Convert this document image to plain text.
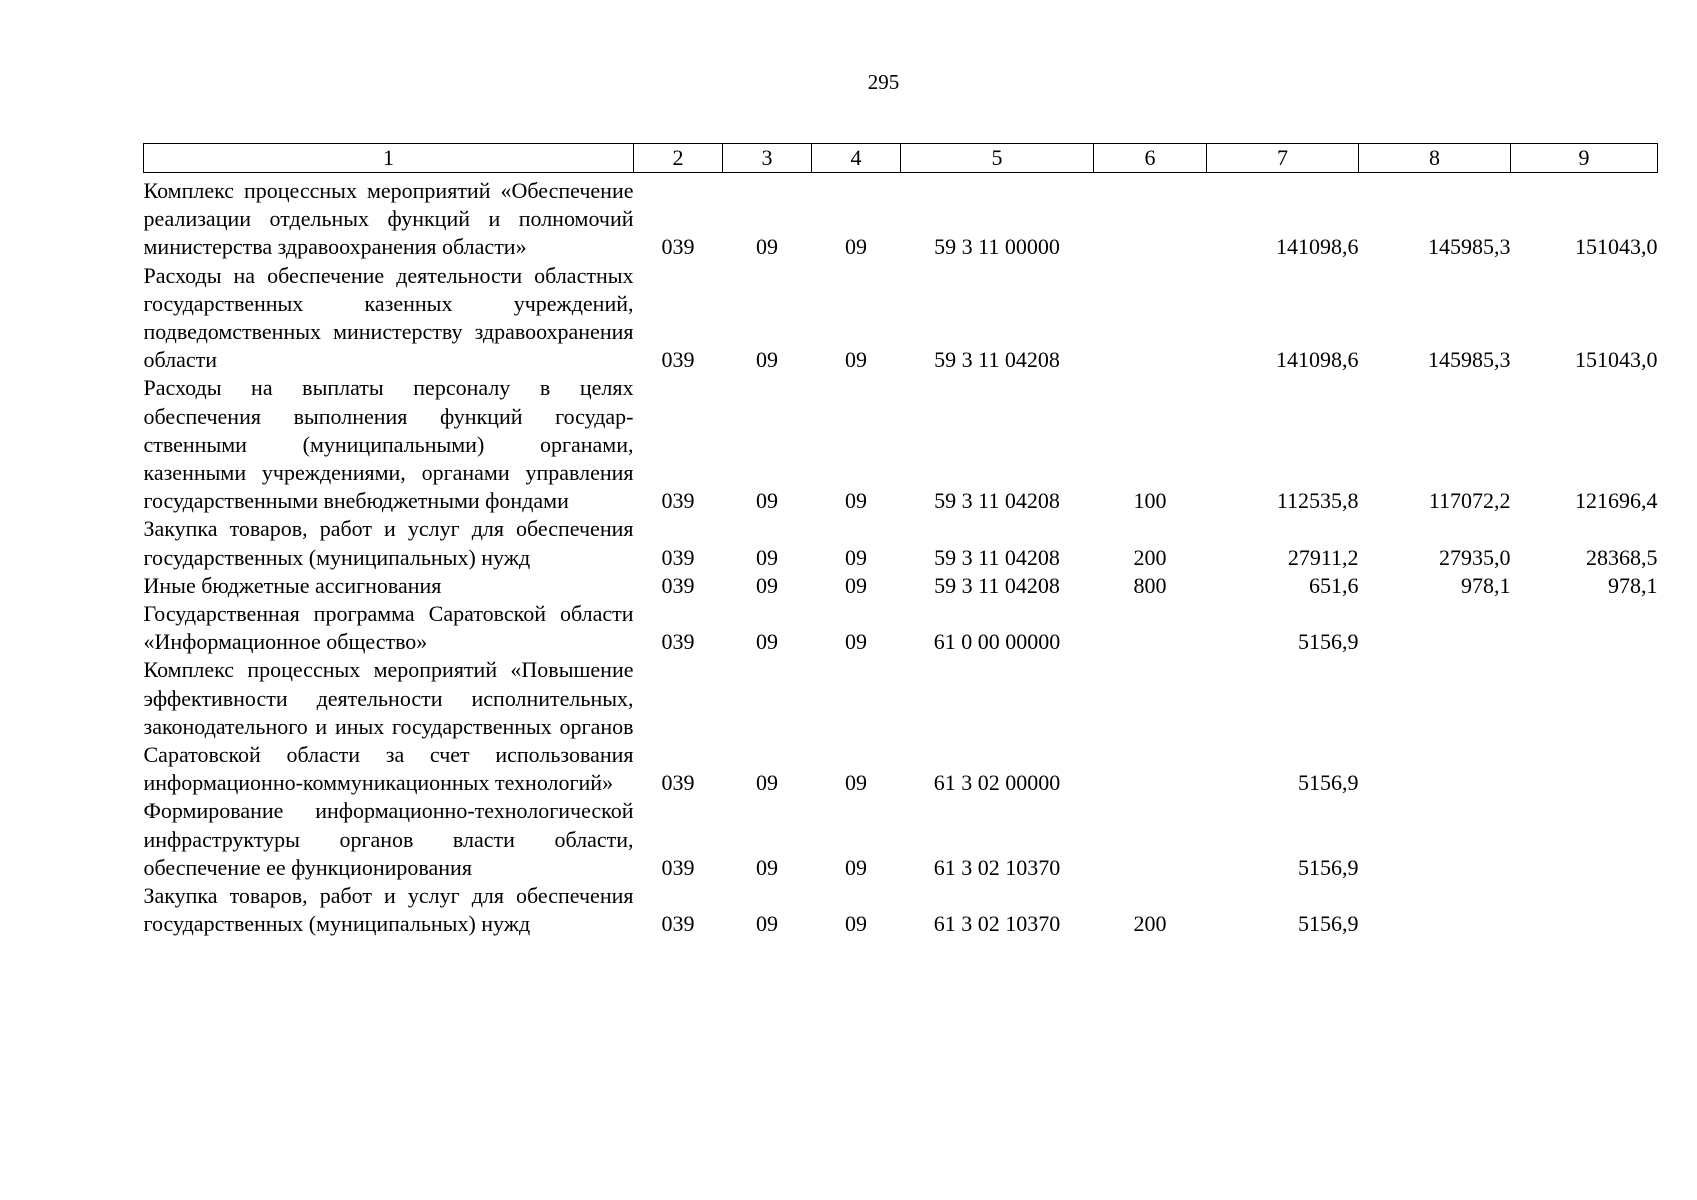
295
1	2	3	4	5	6	7	8	9
Комплекс процессных мероприятий «Обеспечение реализации отдельных функций и полномочий министерства здравоохранения области»	039	09	09	59 3 11 00000		141098,6	145985,3	151043,0
Расходы на обеспечение деятельности областных государственных казенных учреждений, подведомственных министерству здравоохранения области	039	09	09	59 3 11 04208		141098,6	145985,3	151043,0
Расходы на выплаты персоналу в целях обеспечения выполнения функций государственными (муниципальными) органами, казенными учреждениями, органами управления государственными внебюджетными фондами	039	09	09	59 3 11 04208	100	112535,8	117072,2	121696,4
Закупка товаров, работ и услуг для обеспечения государственных (муниципальных) нужд	039	09	09	59 3 11 04208	200	27911,2	27935,0	28368,5
Иные бюджетные ассигнования	039	09	09	59 3 11 04208	800	651,6	978,1	978,1
Государственная программа Саратовской области «Информационное общество»	039	09	09	61 0 00 00000		5156,9		
Комплекс процессных мероприятий «Повышение эффективности деятельности исполнительных, законодательного и иных государственных органов Саратовской области за счет использования информационно-коммуникационных технологий»	039	09	09	61 3 02 00000		5156,9		
Формирование информационно-технологической инфраструктуры органов власти области, обеспечение ее функционирования	039	09	09	61 3 02 10370		5156,9		
Закупка товаров, работ и услуг для обеспечения государственных (муниципальных) нужд	039	09	09	61 3 02 10370	200	5156,9		
